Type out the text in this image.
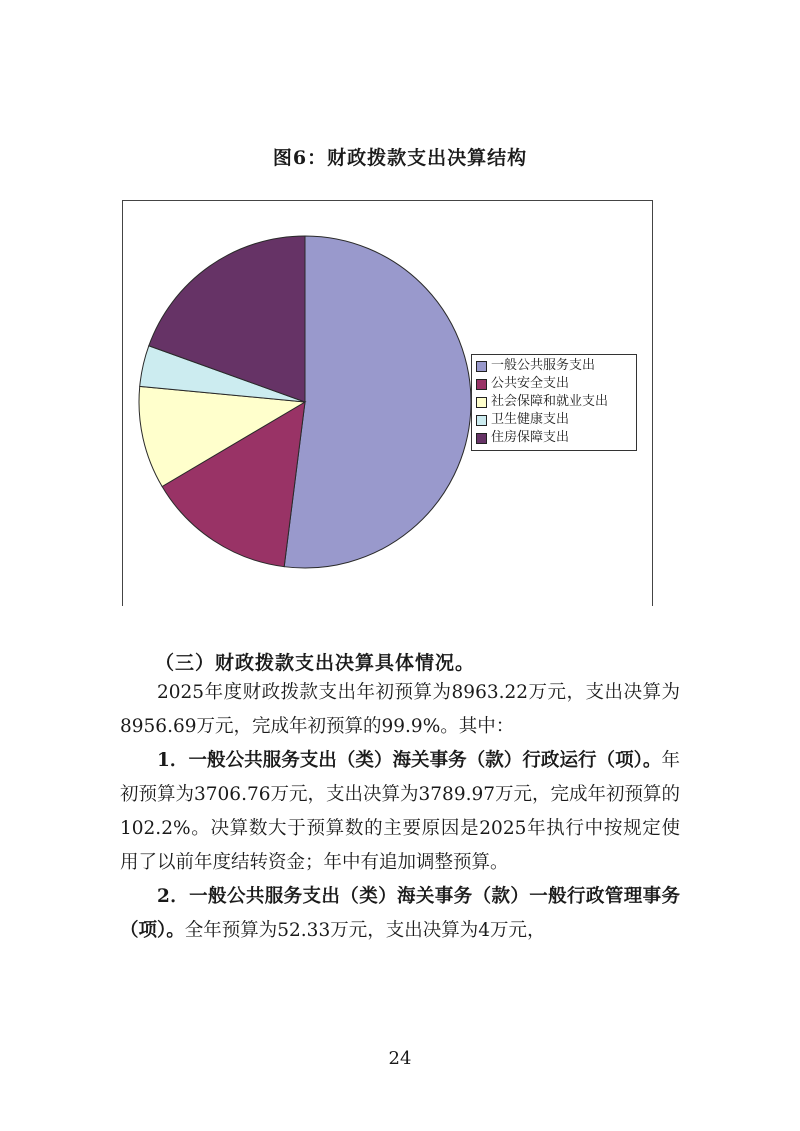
图6：财政拨款支出决算结构
一般公共服务支出
公共安全支出
社会保障和就业支出
卫生健康支出
住房保障支出
（三）财政拨款支出决算具体情况。

2025年度财政拨款支出年初预算为8963.22万元，支出决算为8956.69万元，完成年初预算的99.9%。其中：

1．一般公共服务支出（类）海关事务（款）行政运行（项）。年初预算为3706.76万元，支出决算为3789.97万元，完成年初预算的102.2%。决算数大于预算数的主要原因是2025年执行中按规定使用了以前年度结转资金；年中有追加调整预算。

2．一般公共服务支出（类）海关事务（款）一般行政管理事务（项）。全年预算为52.33万元，支出决算为4万元，

24
